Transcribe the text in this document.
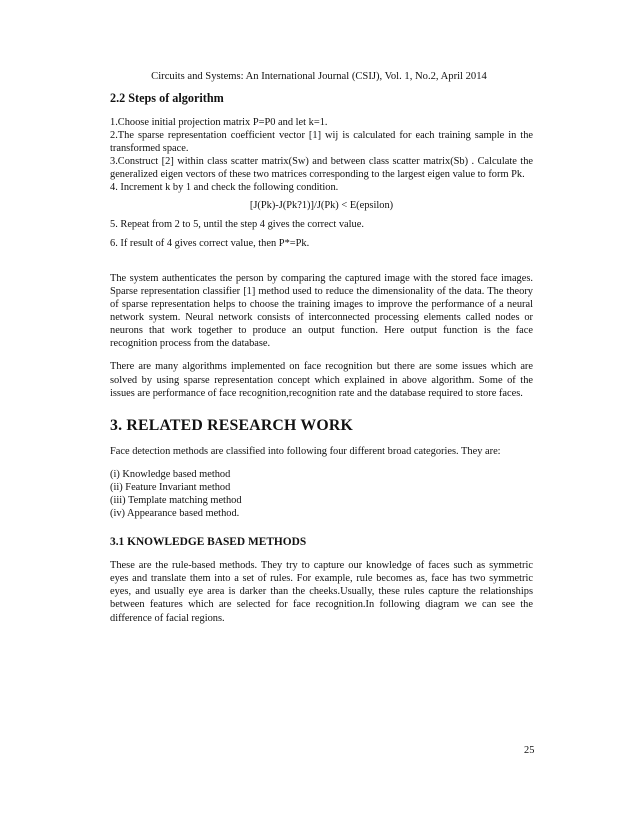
Circuits and Systems: An International Journal (CSIJ), Vol. 1, No.2, April 2014
2.2 Steps of algorithm

1.Choose initial projection matrix P=P0 and let k=1.

2.The sparse representation coefficient vector [1] wij is calculated for each training sample in the transformed space.

3.Construct [2] within class scatter matrix(Sw) and between class scatter matrix(Sb) . Calculate the generalized eigen vectors of these two matrices corresponding to the largest eigen value to form Pk.

4. Increment k by 1 and check the following condition.

[J(Pk)-J(Pk?1)]/J(Pk) < E(epsilon)

5. Repeat from 2 to 5, until the step 4 gives the correct value.

6. If result of 4 gives correct value, then P*=Pk.

The system authenticates the person by comparing the captured image with the stored face images. Sparse representation classifier [1] method used to reduce the dimensionality of the data. The theory of sparse representation helps to choose the training images to improve the performance of a neural network system. Neural network consists of interconnected processing elements called nodes or neurons that work together to produce an output function. Here output function is the face recognition process from the database.

There are many algorithms implemented on face recognition but there are some issues which are solved by using sparse representation concept which explained in above algorithm. Some of the issues are performance of face recognition,recognition rate and the database required to store faces.

3. RELATED RESEARCH WORK

Face detection methods are classified into following four different broad categories. They are:

(i) Knowledge based method
(ii) Feature Invariant method
(iii) Template matching method
(iv) Appearance based method.
3.1 KNOWLEDGE BASED METHODS

These are the rule-based methods. They try to capture our knowledge of faces such as symmetric eyes and translate them into a set of rules. For example, rule becomes as, face has two symmetric eyes, and usually eye area is darker than the cheeks.Usually, these rules capture the relationships between features which are selected for face recognition.In following diagram we can see the difference of facial regions.

25
